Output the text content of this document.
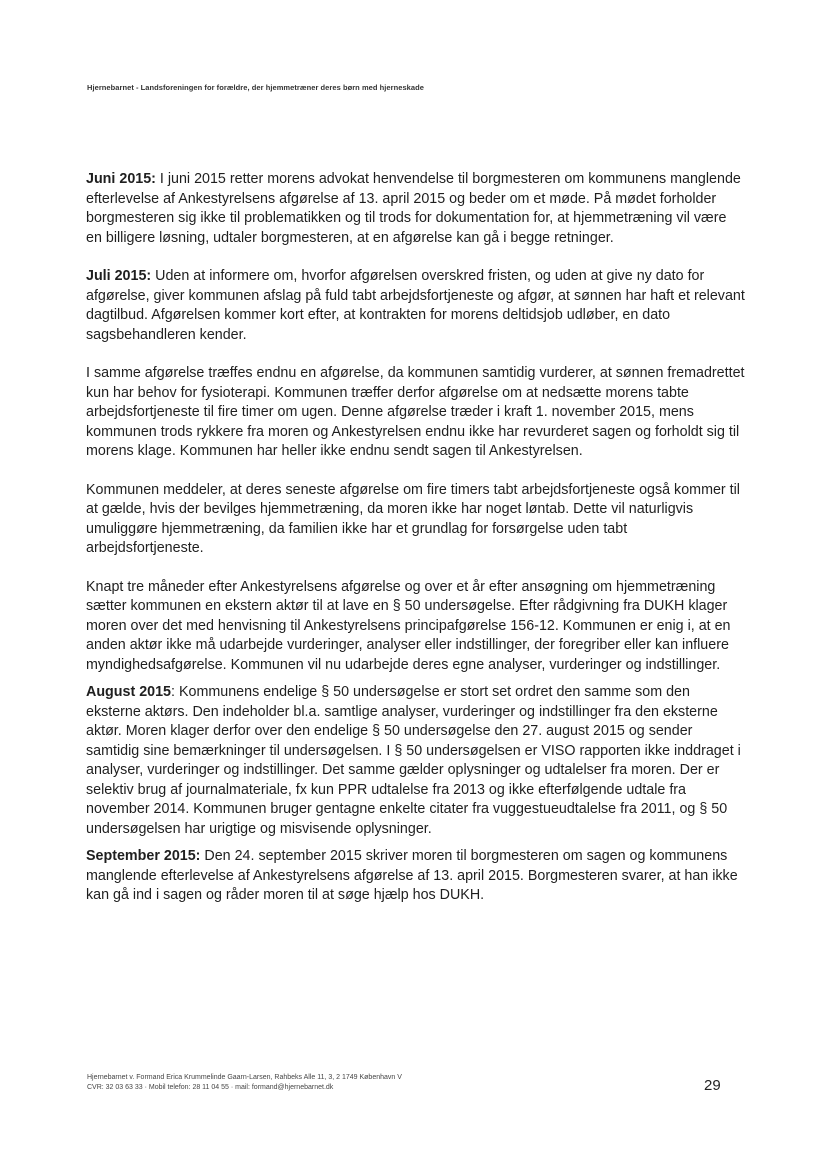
Hjernebarnet - Landsforeningen for forældre, der hjemmetræner deres børn med hjerneskade

Juni 2015: I juni 2015 retter morens advokat henvendelse til borgmesteren om kommunens manglende efterlevelse af Ankestyrelsens afgørelse af 13. april 2015 og beder om et møde. På mødet forholder borgmesteren sig ikke til problematikken og til trods for dokumentation for, at hjemmetræning vil være en billigere løsning, udtaler borgmesteren, at en afgørelse kan gå i begge retninger.

Juli 2015: Uden at informere om, hvorfor afgørelsen overskred fristen, og uden at give ny dato for afgørelse, giver kommunen afslag på fuld tabt arbejdsfortjeneste og afgør, at sønnen har haft et relevant dagtilbud. Afgørelsen kommer kort efter, at kontrakten for morens deltidsjob udløber, en dato sagsbehandleren kender.

I samme afgørelse træffes endnu en afgørelse, da kommunen samtidig vurderer, at sønnen fremadrettet kun har behov for fysioterapi. Kommunen træffer derfor afgørelse om at nedsætte morens tabte arbejdsfortjeneste til fire timer om ugen. Denne afgørelse træder i kraft 1. november 2015, mens kommunen trods rykkere fra moren og Ankestyrelsen endnu ikke har revurderet sagen og forholdt sig til morens klage. Kommunen har heller ikke endnu sendt sagen til Ankestyrelsen.

Kommunen meddeler, at deres seneste afgørelse om fire timers tabt arbejdsfortjeneste også kommer til at gælde, hvis der bevilges hjemmetræning, da moren ikke har noget løntab. Dette vil naturligvis umuliggøre hjemmetræning, da familien ikke har et grundlag for forsørgelse uden tabt arbejdsfortjeneste.

Knapt tre måneder efter Ankestyrelsens afgørelse og over et år efter ansøgning om hjemmetræning sætter kommunen en ekstern aktør til at lave en § 50 undersøgelse. Efter rådgivning fra DUKH klager moren over det med henvisning til Ankestyrelsens principafgørelse 156-12. Kommunen er enig i, at en anden aktør ikke må udarbejde vurderinger, analyser eller indstillinger, der foregriber eller kan influere myndighedsafgørelse. Kommunen vil nu udarbejde deres egne analyser, vurderinger og indstillinger.

August 2015: Kommunens endelige § 50 undersøgelse er stort set ordret den samme som den eksterne aktørs. Den indeholder bl.a. samtlige analyser, vurderinger og indstillinger fra den eksterne aktør. Moren klager derfor over den endelige § 50 undersøgelse den 27. august 2015 og sender samtidig sine bemærkninger til undersøgelsen. I § 50 undersøgelsen er VISO rapporten ikke inddraget i analyser, vurderinger og indstillinger. Det samme gælder oplysninger og udtalelser fra moren. Der er selektiv brug af journalmateriale, fx kun PPR udtalelse fra 2013 og ikke efterfølgende udtale fra november 2014. Kommunen bruger gentagne enkelte citater fra vuggestueudtalelse fra 2011, og § 50 undersøgelsen har urigtige og misvisende oplysninger.

September 2015: Den 24. september 2015 skriver moren til borgmesteren om sagen og kommunens manglende efterlevelse af Ankestyrelsens afgørelse af 13. april 2015. Borgmesteren svarer, at han ikke kan gå ind i sagen og råder moren til at søge hjælp hos DUKH.

Hjernebarnet v. Formand Erica Krummelinde Gaarn-Larsen, Rahbeks Alle 11, 3, 2 1749 København V
CVR: 32 03 63 33 · Mobil telefon: 28 11 04 55 · mail: formand@hjernebarnet.dk	29
